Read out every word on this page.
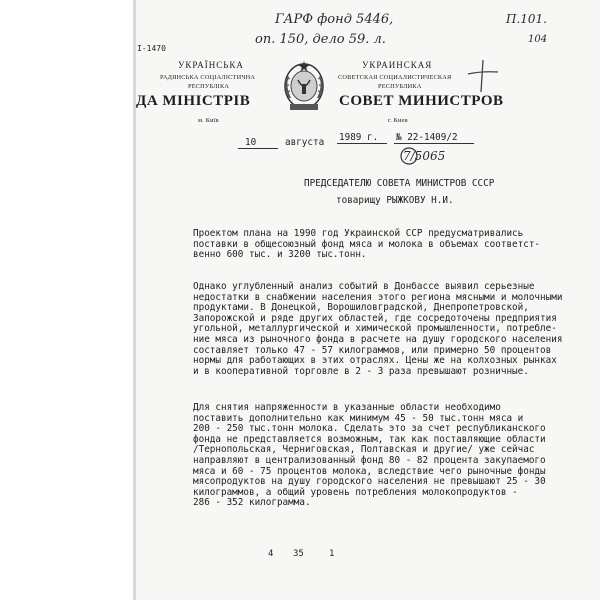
ГАРФ фонд 5446,
оп. 150, дело 59. л.
П.101.
104
I-1470
УКРАЇНСЬКА
РАДЯНСЬКА СОЦІАЛІСТИЧНА
РЕСПУБЛІКА
ДА МІНІСТРІВ
м. Київ
УКРАИНСКАЯ
СОВЕТСКАЯ СОЦИАЛИСТИЧЕСКАЯ
РЕСПУБЛИКА
СОВЕТ МИНИСТРОВ
г. Киев
10	августа 1989 г. № 22-1409/2
7/5065
ПРЕДСЕДАТЕЛЮ СОВЕТА МИНИСТРОВ СССР
товарищу РЫЖКОВУ Н.И.
Проектом плана на 1990 год Украинской ССР предусматривались
поставки в общесоюзный фонд мяса и молока в объемах соответст-
венно 600 тыс. и 3200 тыс.тонн.
Однако углубленный анализ событий в Донбассе выявил серьезные
недостатки в снабжении населения этого региона мясными и молочными
продуктами. В Донецкой, Ворошиловградской, Днепропетровской,
Запорожской и ряде других областей, где сосредоточены предприятия
угольной, металлургической и химической промышленности, потребле-
ние мяса из рыночного фонда в расчете на душу городского населения
составляет только 47 - 57 килограммов, или примерно 50 процентов
нормы для работающих в этих отраслях. Цены же на колхозных рынках
и в кооперативной торговле в 2 - 3 раза превышают розничные.
Для снятия напряженности в указанные области необходимо
поставить дополнительно как минимум 45 - 50 тыс.тонн мяса и
200 - 250 тыс.тонн молока. Сделать это за счет республиканского
фонда не представляется возможным, так как поставляющие области
/Тернопольская, Черниговская, Полтавская и другие/ уже сейчас
направляют в централизованный фонд 80 - 82 процента закупаемого
мяса и 60 - 75 процентов молока, вследствие чего рыночные фонды
мясопродуктов на душу городского населения не превышают 25 - 30
килограммов, а общий уровень потребления молокопродуктов -
286 - 352 килограмма.
4 35	1
